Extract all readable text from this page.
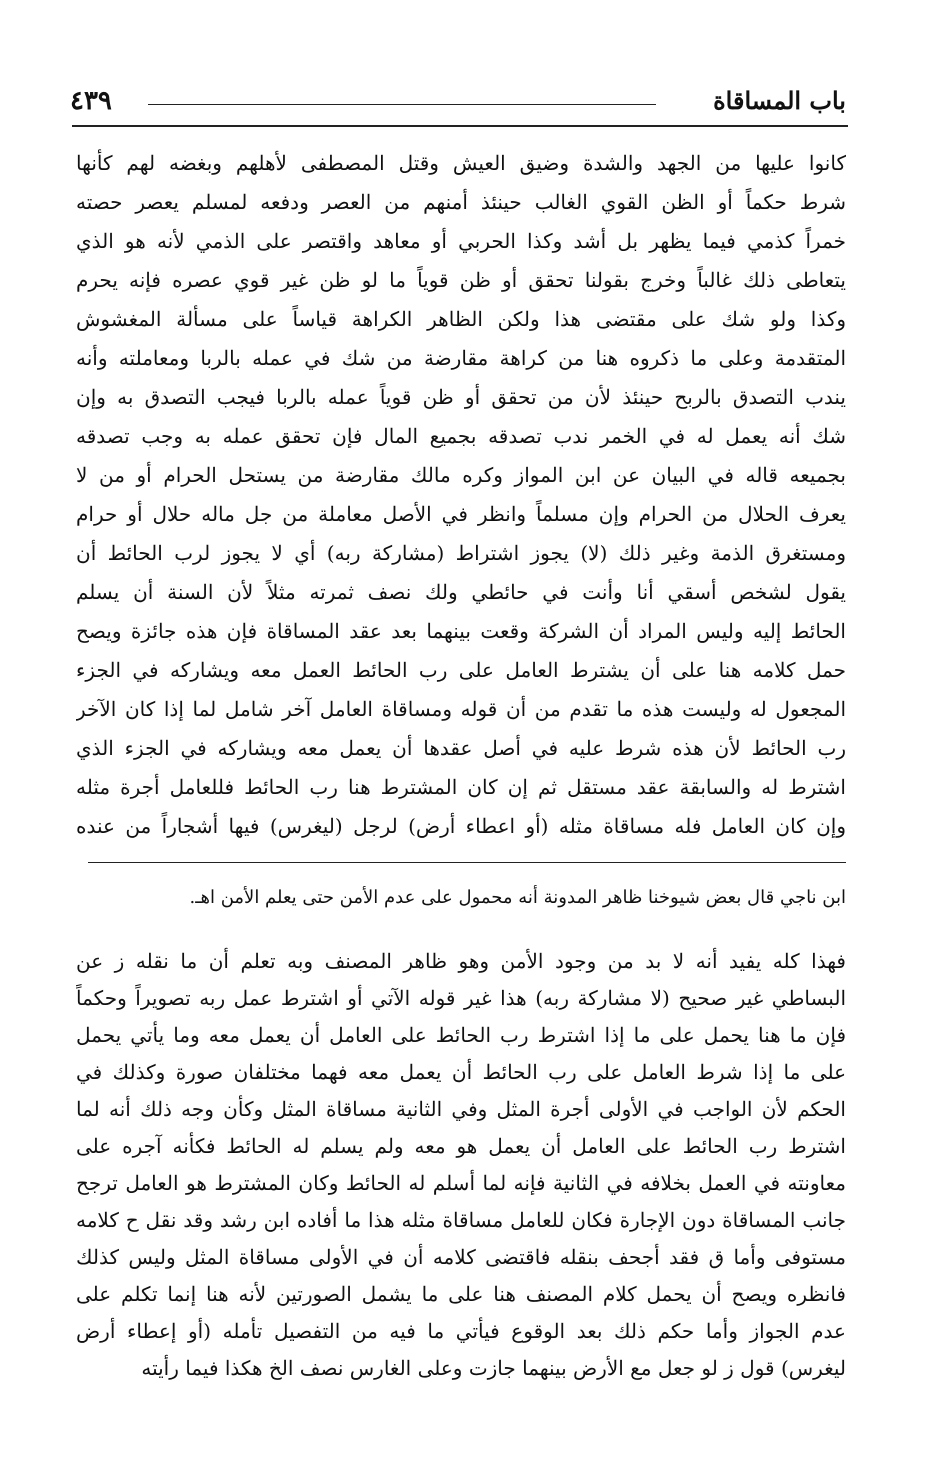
باب المساقاة
٤٣٩
كانوا عليها من الجهد والشدة وضيق العيش وقتل المصطفى لأهلهم وبغضه لهم كأنها
شرط حكماً أو الظن القوي الغالب حينئذ أمنهم من العصر ودفعه لمسلم يعصر حصته
خمراً كذمي فيما يظهر بل أشد وكذا الحربي أو معاهد واقتصر على الذمي لأنه هو الذي
يتعاطى ذلك غالباً وخرج بقولنا تحقق أو ظن قوياً ما لو ظن غير قوي عصره فإنه يحرم
وكذا ولو شك على مقتضى هذا ولكن الظاهر الكراهة قياساً على مسألة المغشوش
المتقدمة وعلى ما ذكروه هنا من كراهة مقارضة من شك في عمله بالربا ومعاملته وأنه
يندب التصدق بالربح حينئذ لأن من تحقق أو ظن قوياً عمله بالربا فيجب التصدق به وإن
شك أنه يعمل له في الخمر ندب تصدقه بجميع المال فإن تحقق عمله به وجب تصدقه
بجميعه قاله في البيان عن ابن المواز وكره مالك مقارضة من يستحل الحرام أو من لا
يعرف الحلال من الحرام وإن مسلماً وانظر في الأصل معاملة من جل ماله حلال أو حرام
ومستغرق الذمة وغير ذلك (لا) يجوز اشتراط (مشاركة ربه) أي لا يجوز لرب الحائط أن
يقول لشخص أسقي أنا وأنت في حائطي ولك نصف ثمرته مثلاً لأن السنة أن يسلم
الحائط إليه وليس المراد أن الشركة وقعت بينهما بعد عقد المساقاة فإن هذه جائزة ويصح
حمل كلامه هنا على أن يشترط العامل على رب الحائط العمل معه ويشاركه في الجزء
المجعول له وليست هذه ما تقدم من أن قوله ومساقاة العامل آخر شامل لما إذا كان الآخر
رب الحائط لأن هذه شرط عليه في أصل عقدها أن يعمل معه ويشاركه في الجزء الذي
اشترط له والسابقة عقد مستقل ثم إن كان المشترط هنا رب الحائط فللعامل أجرة مثله
وإن كان العامل فله مساقاة مثله (أو اعطاء أرض) لرجل (ليغرس) فيها أشجاراً من عنده
ابن ناجي قال بعض شيوخنا ظاهر المدونة أنه محمول على عدم الأمن حتى يعلم الأمن اهـ.
فهذا كله يفيد أنه لا بد من وجود الأمن وهو ظاهر المصنف وبه تعلم أن ما نقله ز عن
البساطي غير صحيح (لا مشاركة ربه) هذا غير قوله الآتي أو اشترط عمل ربه تصويراً وحكماً
فإن ما هنا يحمل على ما إذا اشترط رب الحائط على العامل أن يعمل معه وما يأتي يحمل
على ما إذا شرط العامل على رب الحائط أن يعمل معه فهما مختلفان صورة وكذلك في
الحكم لأن الواجب في الأولى أجرة المثل وفي الثانية مساقاة المثل وكأن وجه ذلك أنه لما
اشترط رب الحائط على العامل أن يعمل هو معه ولم يسلم له الحائط فكأنه آجره على
معاونته في العمل بخلافه في الثانية فإنه لما أسلم له الحائط وكان المشترط هو العامل ترجح
جانب المساقاة دون الإجارة فكان للعامل مساقاة مثله هذا ما أفاده ابن رشد وقد نقل ح كلامه
مستوفى وأما ق فقد أجحف بنقله فاقتضى كلامه أن في الأولى مساقاة المثل وليس كذلك
فانظره ويصح أن يحمل كلام المصنف هنا على ما يشمل الصورتين لأنه هنا إنما تكلم على
عدم الجواز وأما حكم ذلك بعد الوقوع فيأتي ما فيه من التفصيل تأمله (أو إعطاء أرض
ليغرس) قول ز لو جعل مع الأرض بينهما جازت وعلى الغارس نصف الخ هكذا فيما رأيته
